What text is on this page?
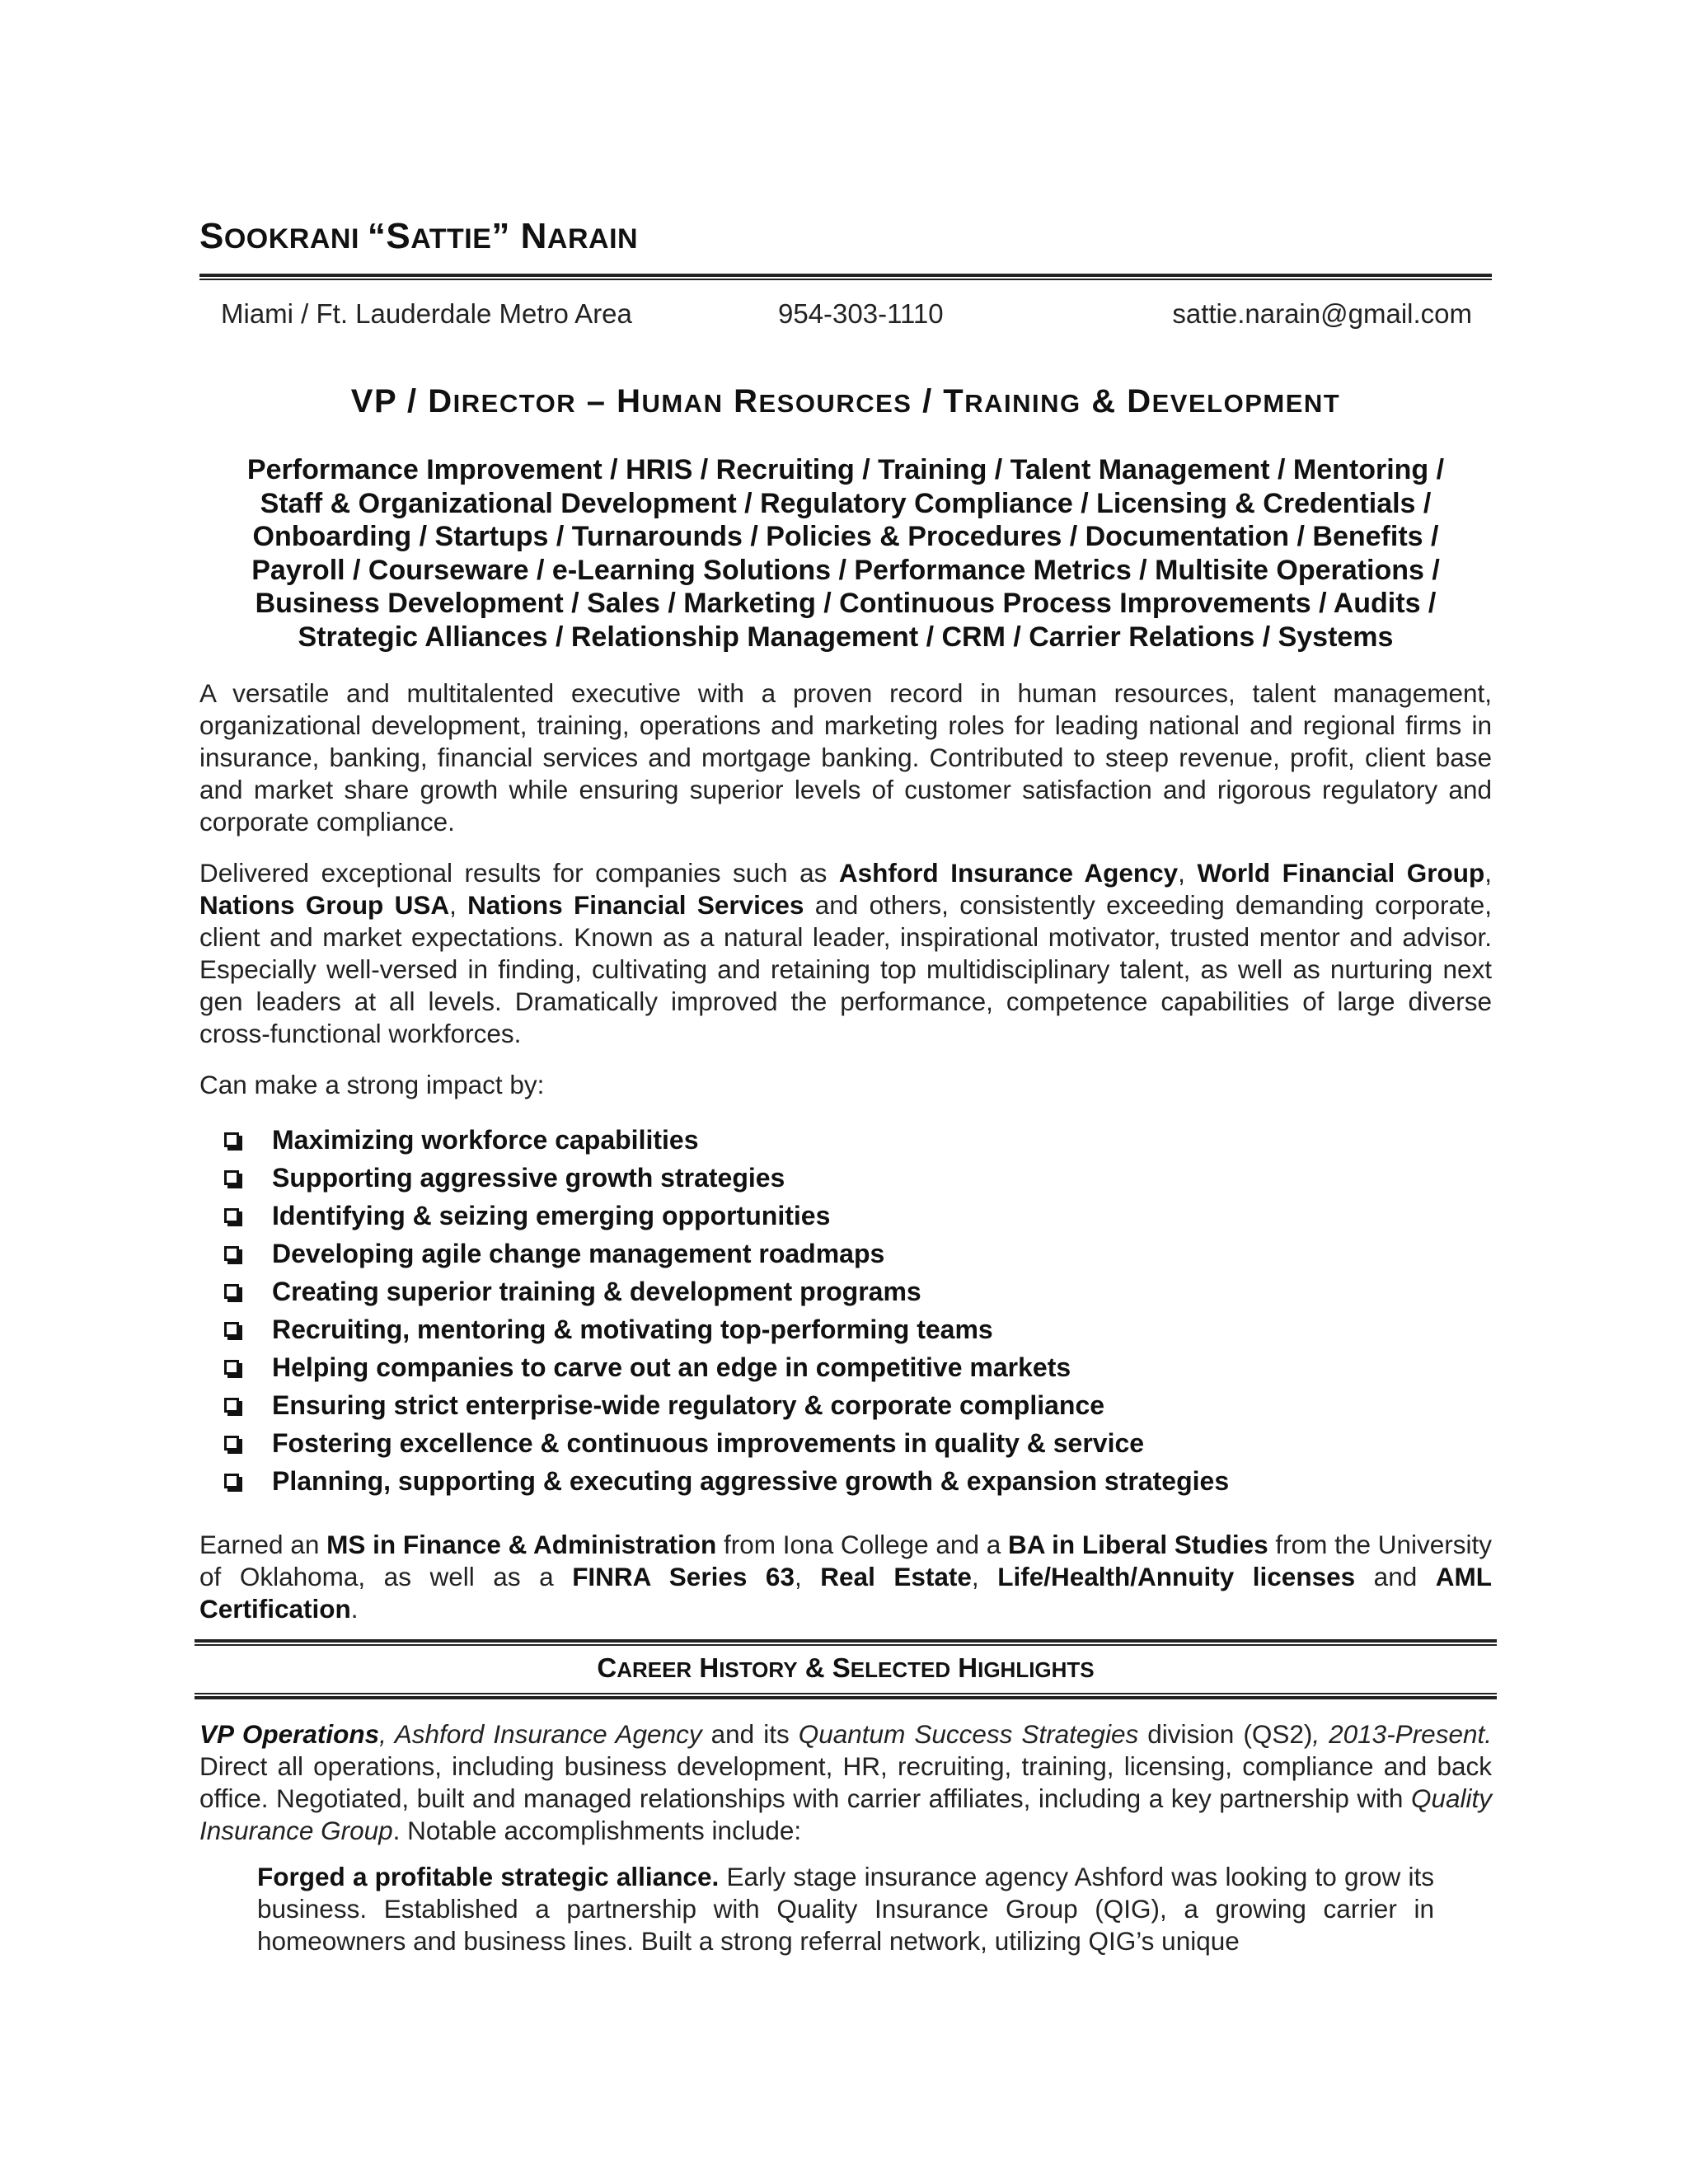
SOOKRANI “SATTIE” NARAIN
Miami / Ft. Lauderdale Metro Area	954-303-1110	sattie.narain@gmail.com
VP / DIRECTOR – HUMAN RESOURCES / TRAINING & DEVELOPMENT
Performance Improvement / HRIS / Recruiting / Training / Talent Management / Mentoring /
Staff & Organizational Development / Regulatory Compliance / Licensing & Credentials /
Onboarding / Startups / Turnarounds / Policies & Procedures / Documentation / Benefits /
Payroll / Courseware / e-Learning Solutions / Performance Metrics / Multisite Operations /
Business Development / Sales / Marketing / Continuous Process Improvements / Audits /
Strategic Alliances / Relationship Management / CRM / Carrier Relations / Systems
A versatile and multitalented executive with a proven record in human resources, talent management, organizational development, training, operations and marketing roles for leading national and regional firms in insurance, banking, financial services and mortgage banking. Contributed to steep revenue, profit, client base and market share growth while ensuring superior levels of customer satisfaction and rigorous regulatory and corporate compliance.
Delivered exceptional results for companies such as Ashford Insurance Agency, World Financial Group, Nations Group USA, Nations Financial Services and others, consistently exceeding demanding corporate, client and market expectations. Known as a natural leader, inspirational motivator, trusted mentor and advisor. Especially well-versed in finding, cultivating and retaining top multidisciplinary talent, as well as nurturing next gen leaders at all levels. Dramatically improved the performance, competence capabilities of large diverse cross-functional workforces.
Can make a strong impact by:
Maximizing workforce capabilities
Supporting aggressive growth strategies
Identifying & seizing emerging opportunities
Developing agile change management roadmaps
Creating superior training & development programs
Recruiting, mentoring & motivating top-performing teams
Helping companies to carve out an edge in competitive markets
Ensuring strict enterprise-wide regulatory & corporate compliance
Fostering excellence & continuous improvements in quality & service
Planning, supporting & executing aggressive growth & expansion strategies
Earned an MS in Finance & Administration from Iona College and a BA in Liberal Studies from the University of Oklahoma, as well as a FINRA Series 63, Real Estate, Life/Health/Annuity licenses and AML Certification.
CAREER HISTORY & SELECTED HIGHLIGHTS
VP Operations, Ashford Insurance Agency and its Quantum Success Strategies division (QS2), 2013-Present. Direct all operations, including business development, HR, recruiting, training, licensing, compliance and back office. Negotiated, built and managed relationships with carrier affiliates, including a key partnership with Quality Insurance Group. Notable accomplishments include:
Forged a profitable strategic alliance. Early stage insurance agency Ashford was looking to grow its business. Established a partnership with Quality Insurance Group (QIG), a growing carrier in homeowners and business lines. Built a strong referral network, utilizing QIG’s unique
